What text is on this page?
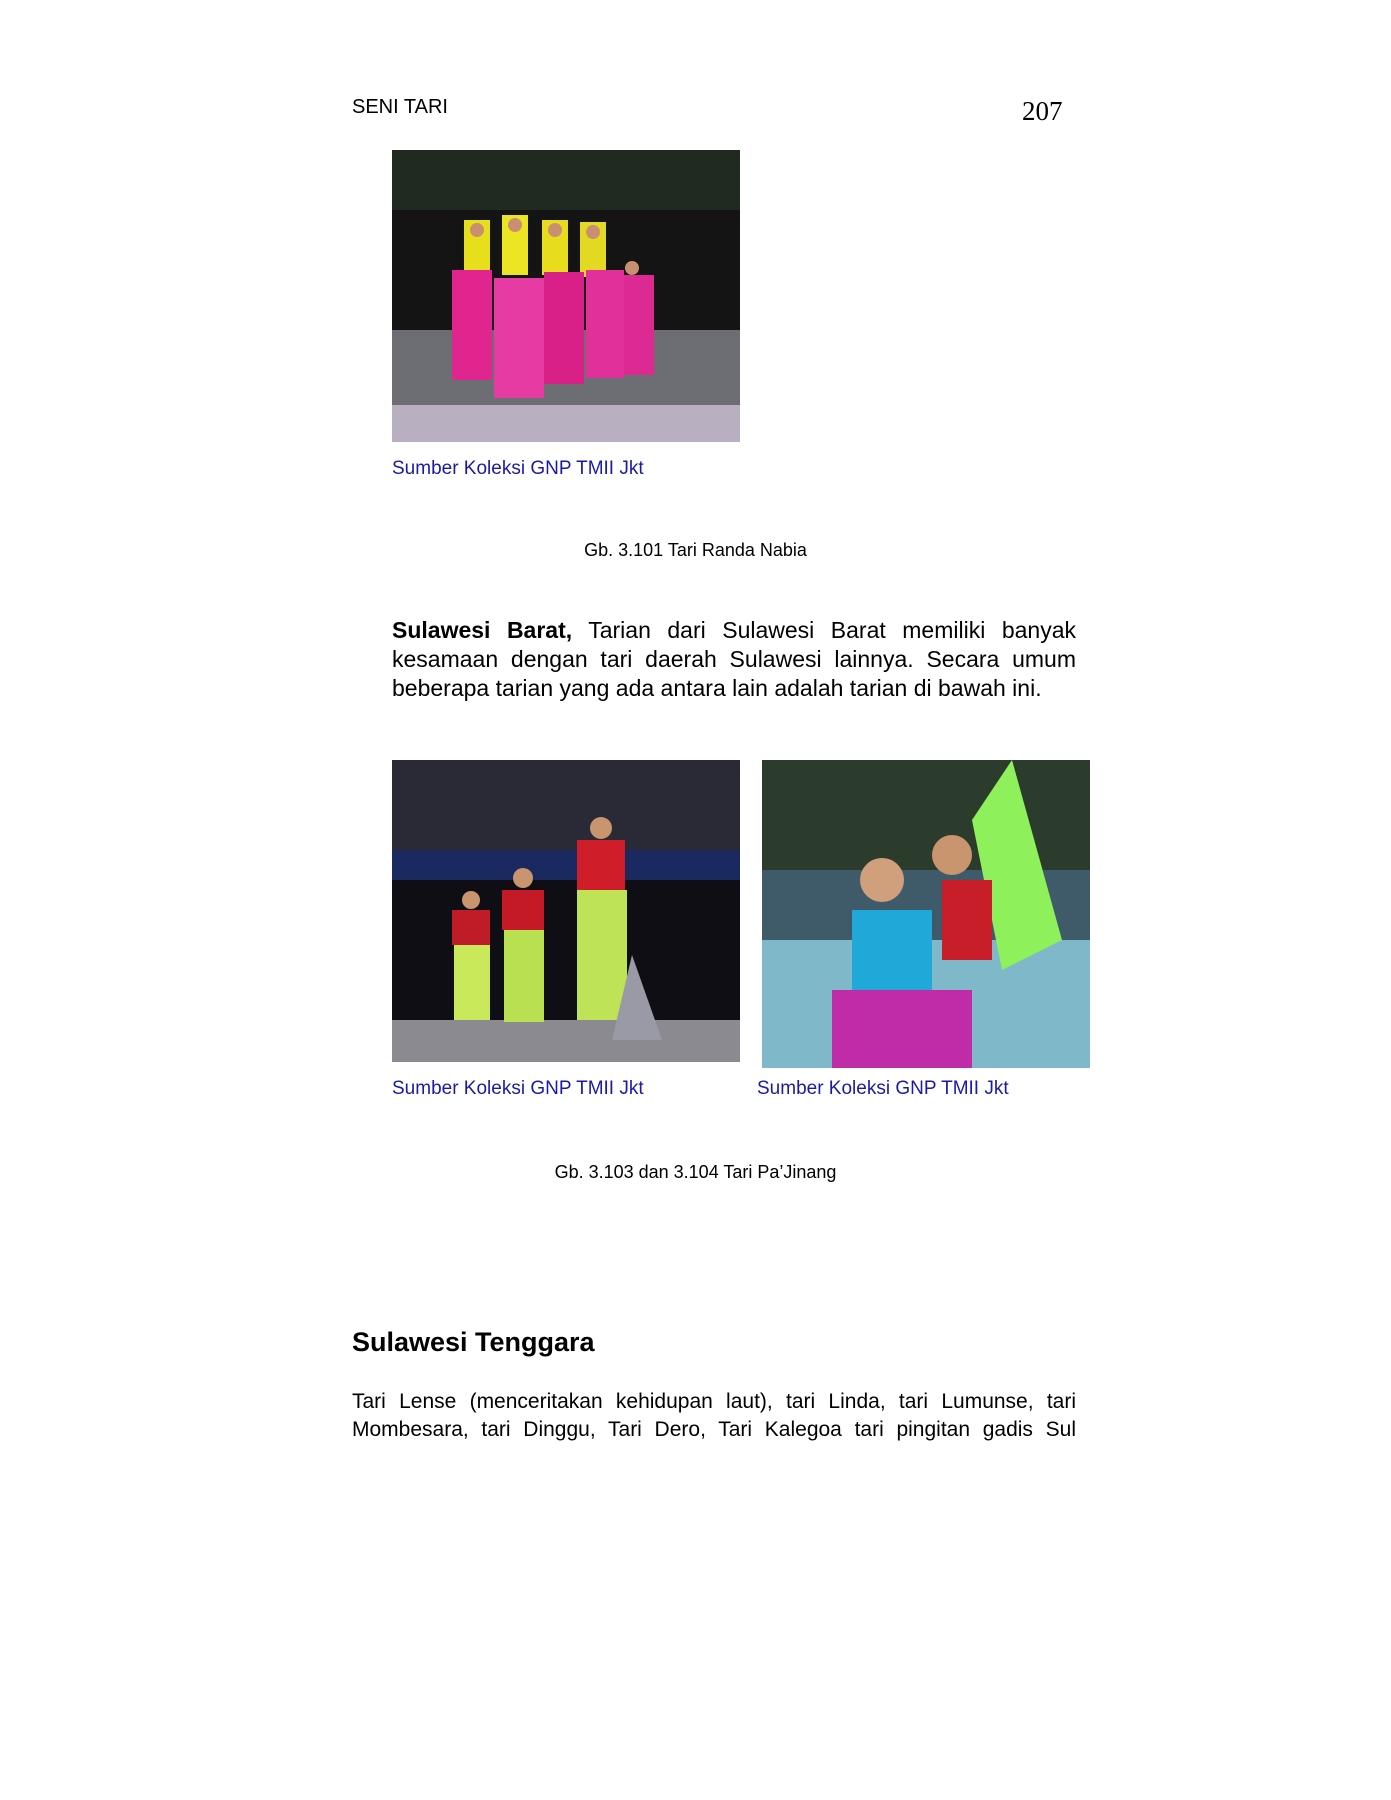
SENI TARI	207
Sumber Koleksi GNP TMII Jkt
Gb. 3.101 Tari Randa Nabia
Sulawesi Barat, Tarian dari Sulawesi Barat memiliki banyak kesamaan dengan tari daerah Sulawesi lainnya. Secara umum beberapa tarian yang ada antara lain adalah tarian di bawah ini.
Sumber Koleksi GNP TMII Jkt	Sumber Koleksi GNP TMII Jkt
Gb. 3.103 dan 3.104 Tari Pa’Jinang
Sulawesi Tenggara
Tari Lense (menceritakan kehidupan laut), tari Linda, tari Lumunse, tari Mombesara, tari Dinggu, Tari Dero, Tari Kalegoa tari pingitan gadis Sul
